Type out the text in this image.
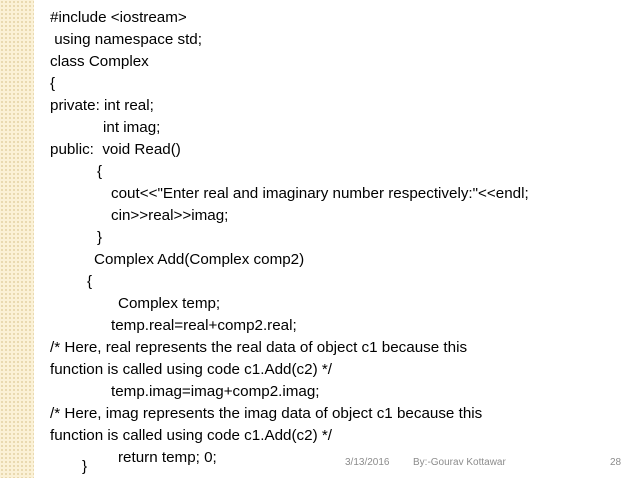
#include <iostream>
using namespace std;
class Complex
{
private: int real;
int imag;
public:  void Read()
{
cout<<"Enter real and imaginary number respectively:"<<endl;
cin>>real>>imag;
}
Complex Add(Complex comp2)
{
Complex temp;
temp.real=real+comp2.real;
/* Here, real represents the real data of object c1 because this
function is called using code c1.Add(c2) */
temp.imag=imag+comp2.imag;
/* Here, imag represents the imag data of object c1 because this
function is called using code c1.Add(c2) */
return temp; 0;
}	3/13/2016 By:-Gourav Kottawar	28
